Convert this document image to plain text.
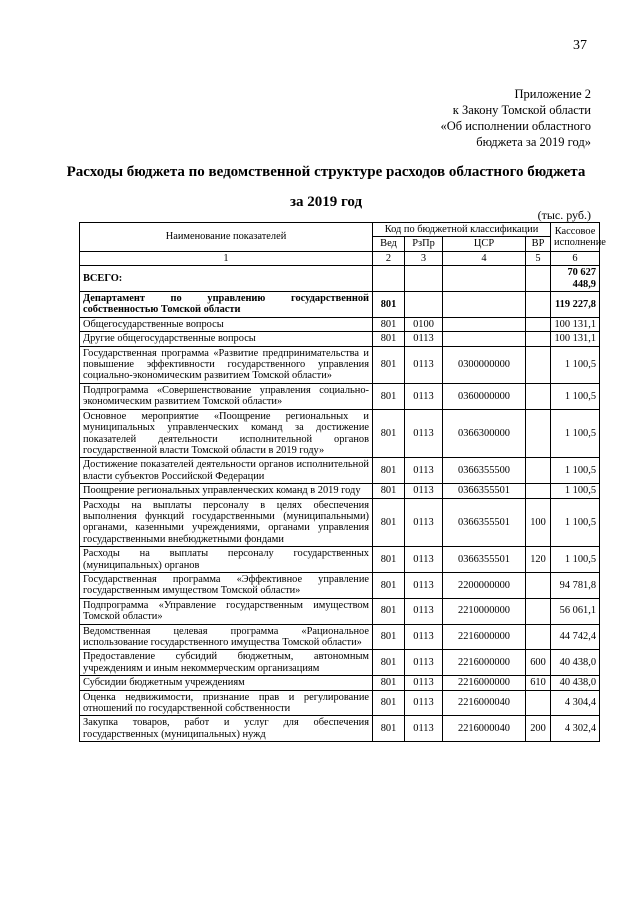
37
Приложение 2
к Закону Томской области
«Об исполнении областного
бюджета за 2019 год»
Расходы бюджета по ведомственной структуре расходов областного бюджета
за 2019 год
(тыс. руб.)
Наименование показателей	Код по бюджетной классификации				Кассовое исполнение
	Вед	РзПр	ЦСР	ВР	
1	2	3	4	5	6
ВСЕГО:					70 627 448,9
Департамент по управлению государственной собственностью Томской области	801				119 227,8
Общегосударственные вопросы	801	0100			100 131,1
Другие общегосударственные вопросы	801	0113			100 131,1
Государственная программа «Развитие предпринимательства и повышение эффективности государственного управления социально-экономическим развитием Томской области»	801	0113	0300000000		1 100,5
Подпрограмма «Совершенствование управления социально-экономическим развитием Томской области»	801	0113	0360000000		1 100,5
Основное мероприятие «Поощрение региональных и муниципальных управленческих команд за достижение показателей деятельности исполнительной органов государственной власти Томской области в 2019 году»	801	0113	0366300000		1 100,5
Достижение показателей деятельности органов исполнительной власти субъектов Российской Федерации	801	0113	0366355500		1 100,5
Поощрение региональных управленческих команд в 2019 году	801	0113	0366355501		1 100,5
Расходы на выплаты персоналу в целях обеспечения выполнения функций государственными (муниципальными) органами, казенными учреждениями, органами управления государственными внебюджетными фондами	801	0113	0366355501	100	1 100,5
Расходы на выплаты персоналу государственных (муниципальных) органов	801	0113	0366355501	120	1 100,5
Государственная программа «Эффективное управление государственным имуществом Томской области»	801	0113	2200000000		94 781,8
Подпрограмма «Управление государственным имуществом Томской области»	801	0113	2210000000		56 061,1
Ведомственная целевая программа «Рациональное использование государственного имущества Томской области»	801	0113	2216000000		44 742,4
Предоставление субсидий бюджетным, автономным учреждениям и иным некоммерческим организациям	801	0113	2216000000	600	40 438,0
Субсидии бюджетным учреждениям	801	0113	2216000000	610	40 438,0
Оценка недвижимости, признание прав и регулирование отношений по государственной собственности	801	0113	2216000040		4 304,4
Закупка товаров, работ и услуг для обеспечения государственных (муниципальных) нужд	801	0113	2216000040	200	4 302,4
